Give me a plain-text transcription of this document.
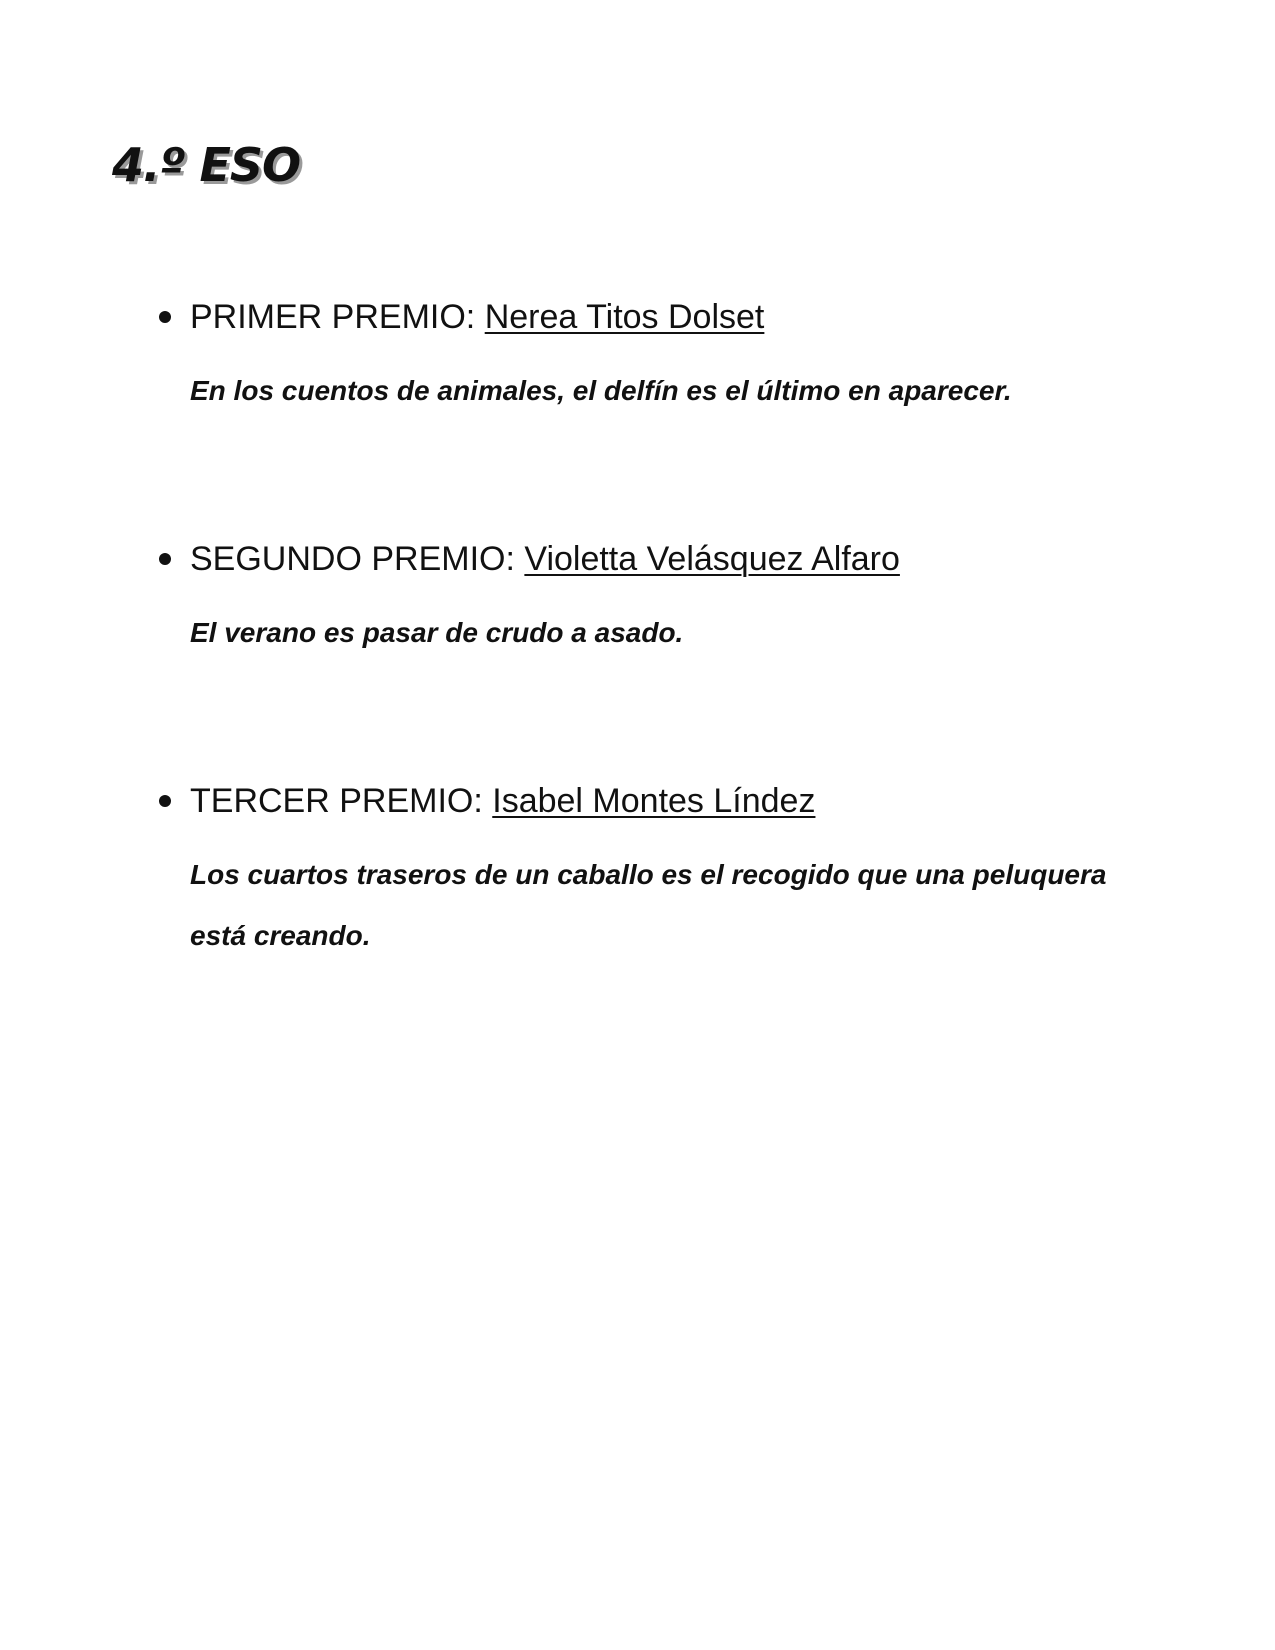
4.º ESO
PRIMER PREMIO: Nerea Titos Dolset
En los cuentos de animales, el delfín es el último en aparecer.
SEGUNDO PREMIO: Violetta Velásquez Alfaro
El verano es pasar de crudo a asado.
TERCER PREMIO: Isabel Montes Líndez
Los cuartos traseros de un caballo es el recogido que una peluquera está creando.
